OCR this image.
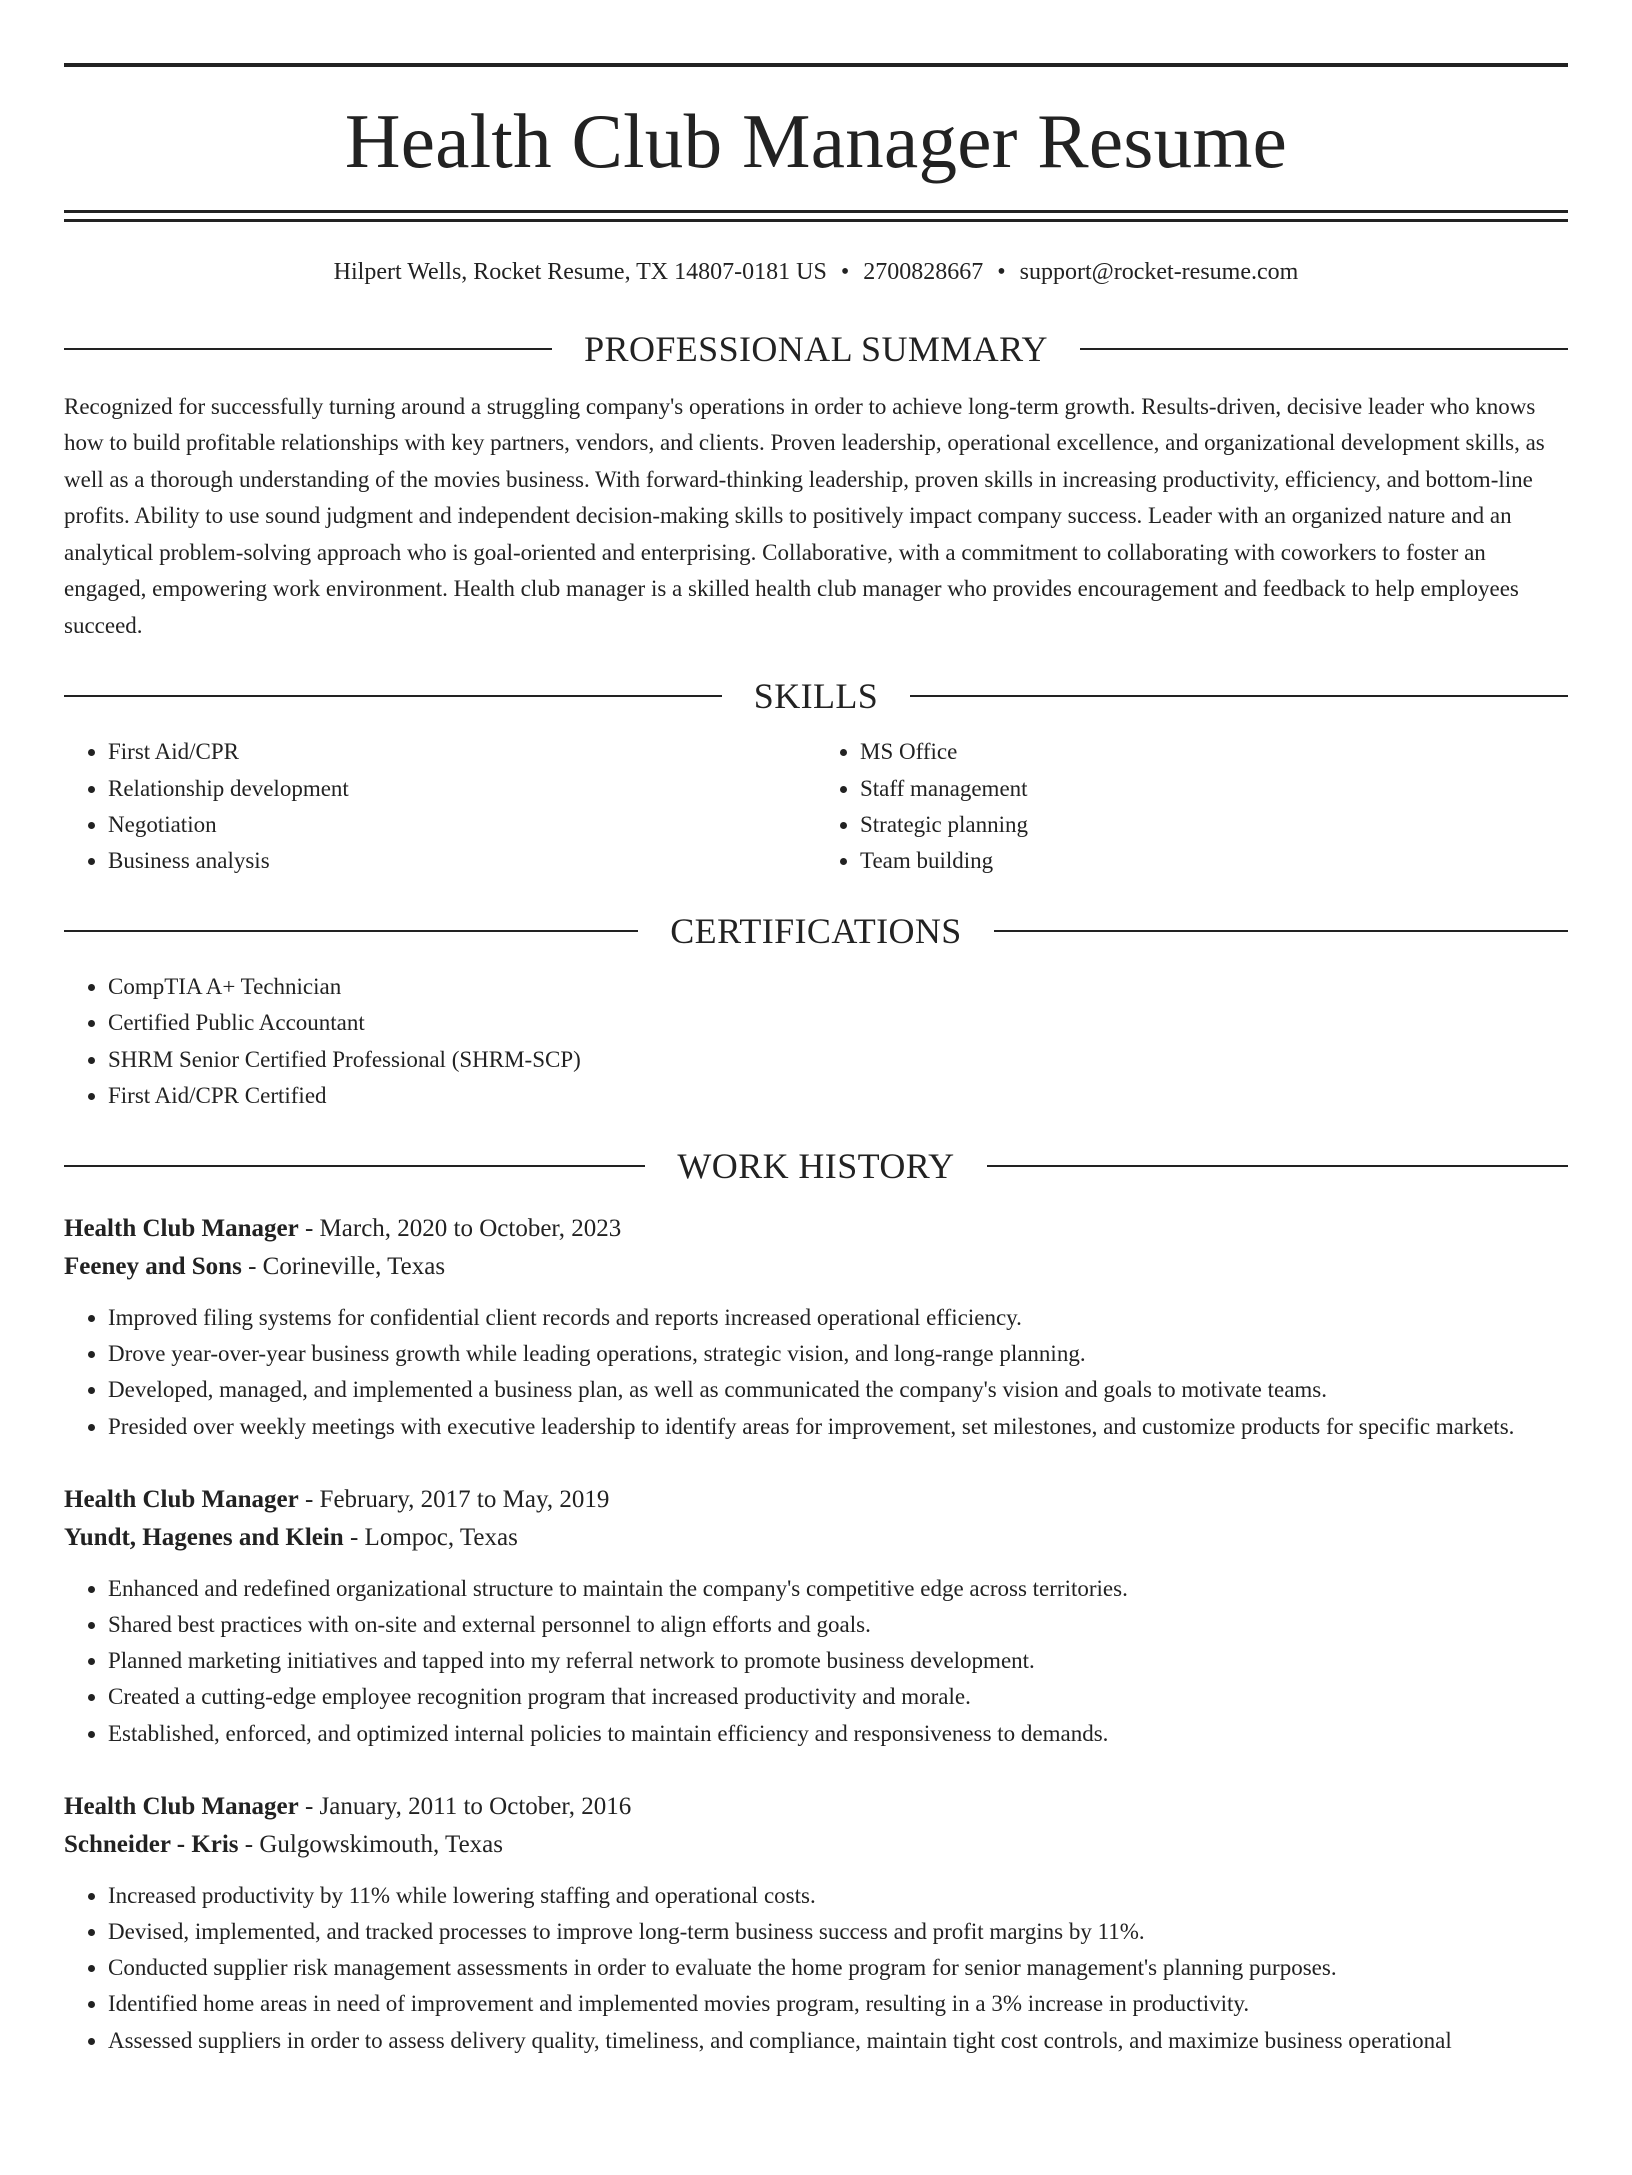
Health Club Manager Resume
Hilpert Wells, Rocket Resume, TX 14807-0181 US • 2700828667 • support@rocket-resume.com
PROFESSIONAL SUMMARY
Recognized for successfully turning around a struggling company's operations in order to achieve long-term growth. Results-driven, decisive leader who knows how to build profitable relationships with key partners, vendors, and clients. Proven leadership, operational excellence, and organizational development skills, as well as a thorough understanding of the movies business. With forward-thinking leadership, proven skills in increasing productivity, efficiency, and bottom-line profits. Ability to use sound judgment and independent decision-making skills to positively impact company success. Leader with an organized nature and an analytical problem-solving approach who is goal-oriented and enterprising. Collaborative, with a commitment to collaborating with coworkers to foster an engaged, empowering work environment. Health club manager is a skilled health club manager who provides encouragement and feedback to help employees succeed.
SKILLS
• First Aid/CPR
• Relationship development
• Negotiation
• Business analysis
• MS Office
• Staff management
• Strategic planning
• Team building
CERTIFICATIONS
• CompTIA A+ Technician
• Certified Public Accountant
• SHRM Senior Certified Professional (SHRM-SCP)
• First Aid/CPR Certified
WORK HISTORY
Health Club Manager - March, 2020 to October, 2023
Feeney and Sons - Corineville, Texas
• Improved filing systems for confidential client records and reports increased operational efficiency.
• Drove year-over-year business growth while leading operations, strategic vision, and long-range planning.
• Developed, managed, and implemented a business plan, as well as communicated the company's vision and goals to motivate teams.
• Presided over weekly meetings with executive leadership to identify areas for improvement, set milestones, and customize products for specific markets.
Health Club Manager - February, 2017 to May, 2019
Yundt, Hagenes and Klein - Lompoc, Texas
• Enhanced and redefined organizational structure to maintain the company's competitive edge across territories.
• Shared best practices with on-site and external personnel to align efforts and goals.
• Planned marketing initiatives and tapped into my referral network to promote business development.
• Created a cutting-edge employee recognition program that increased productivity and morale.
• Established, enforced, and optimized internal policies to maintain efficiency and responsiveness to demands.
Health Club Manager - January, 2011 to October, 2016
Schneider - Kris - Gulgowskimouth, Texas
• Increased productivity by 11% while lowering staffing and operational costs.
• Devised, implemented, and tracked processes to improve long-term business success and profit margins by 11%.
• Conducted supplier risk management assessments in order to evaluate the home program for senior management's planning purposes.
• Identified home areas in need of improvement and implemented movies program, resulting in a 3% increase in productivity.
• Assessed suppliers in order to assess delivery quality, timeliness, and compliance, maintain tight cost controls, and maximize business operational
